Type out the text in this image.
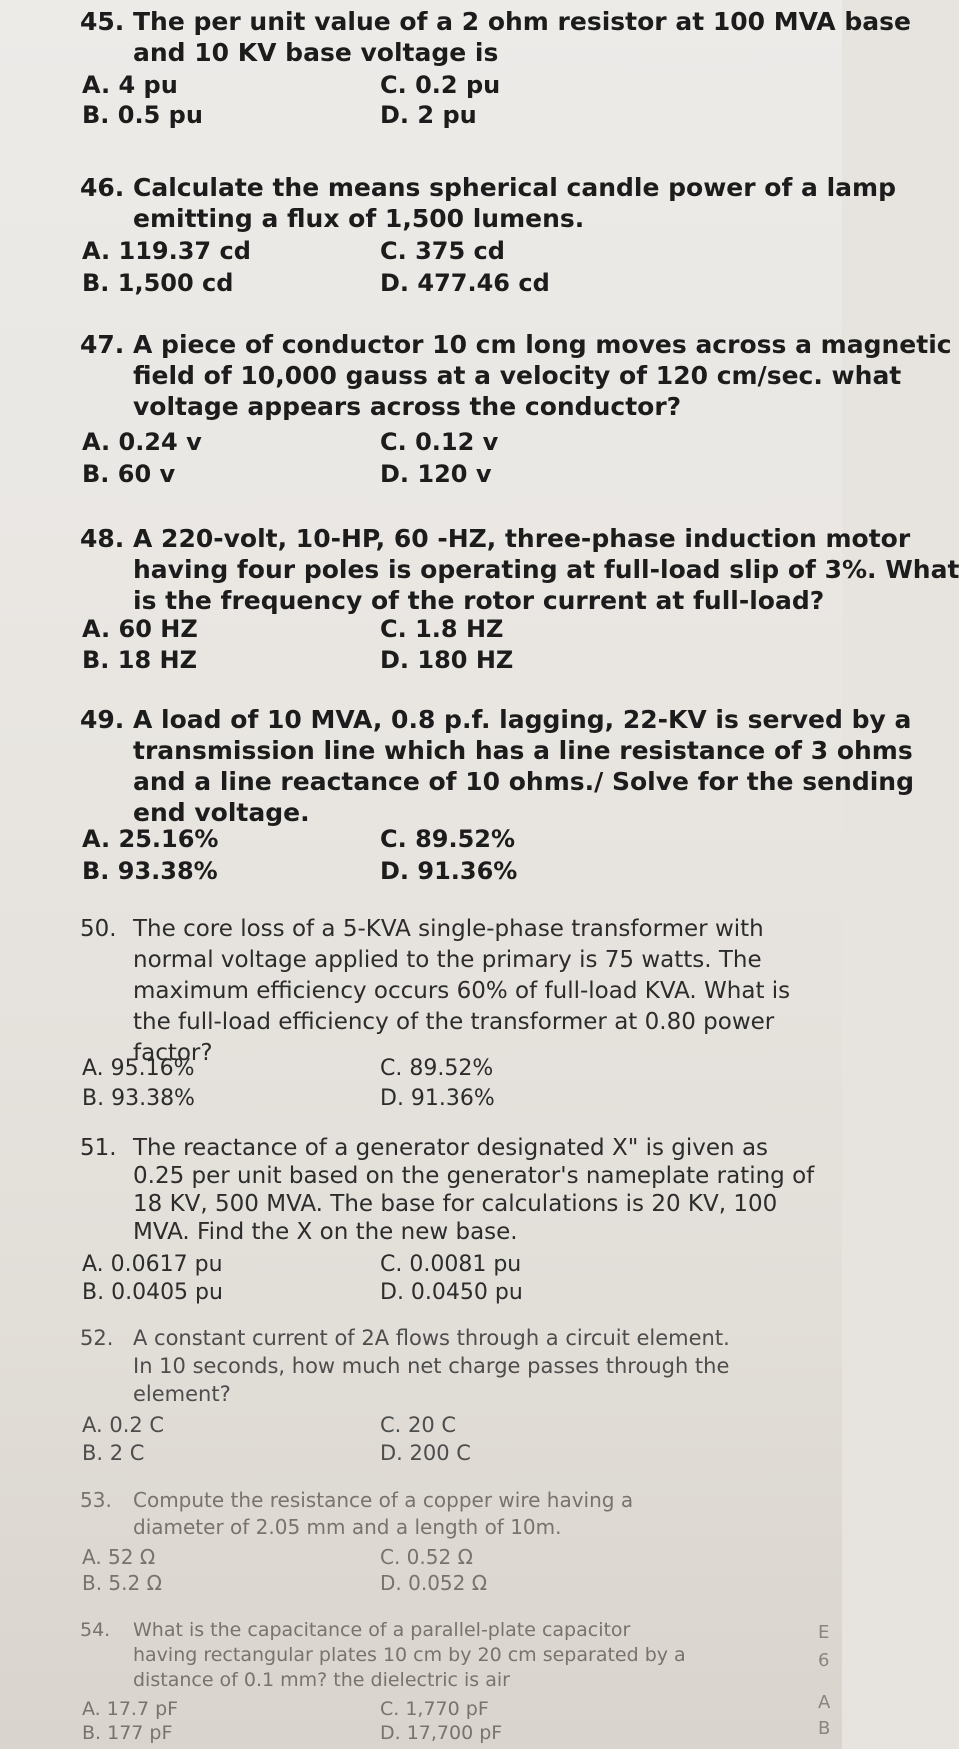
45. The per unit value of a 2 ohm resistor at 100 MVA base
and 10 KV base voltage is
A. 4 pu	C. 0.2 pu
B. 0.5 pu	D. 2 pu
46. Calculate the means spherical candle power of a lamp
emitting a flux of 1,500 lumens.
A. 119.37 cd	C. 375 cd
B. 1,500 cd	D. 477.46 cd
47. A piece of conductor 10 cm long moves across a magnetic
field of 10,000 gauss at a velocity of 120 cm/sec. what
voltage appears across the conductor?
A. 0.24 v	C. 0.12 v
B. 60 v	D. 120 v
48. A 220-volt, 10-HP, 60 -HZ, three-phase induction motor
having four poles is operating at full-load slip of 3%. What
is the frequency of the rotor current at full-load?
A. 60 HZ	C. 1.8 HZ
B. 18 HZ	D. 180 HZ
49. A load of 10 MVA, 0.8 p.f. lagging, 22-KV is served by a
transmission line which has a line resistance of 3 ohms
and a line reactance of 10 ohms./ Solve for the sending
end voltage.
A. 25.16%	C. 89.52%
B. 93.38%	D. 91.36%
50. The core loss of a 5-KVA single-phase transformer with
normal voltage applied to the primary is 75 watts. The
maximum efficiency occurs 60% of full-load KVA. What is
the full-load efficiency of the transformer at 0.80 power
factor?
A. 95.16%	C. 89.52%
B. 93.38%	D. 91.36%
51. The reactance of a generator designated X" is given as
0.25 per unit based on the generator's nameplate rating of
18 KV, 500 MVA. The base for calculations is 20 KV, 100
MVA. Find the X on the new base.
A. 0.0617 pu	C. 0.0081 pu
B. 0.0405 pu	D. 0.0450 pu
52. A constant current of 2A flows through a circuit element.
In 10 seconds, how much net charge passes through the
element?
A. 0.2 C	C. 20 C
B. 2 C	D. 200 C
53. Compute the resistance of a copper wire having a
diameter of 2.05 mm and a length of 10m.
A. 52 Ω	C. 0.52 Ω
B. 5.2 Ω	D. 0.052 Ω
54. What is the capacitance of a parallel-plate capacitor
having rectangular plates 10 cm by 20 cm separated by a
distance of 0.1 mm? the dielectric is air
A. 17.7 pF	C. 1,770 pF
B. 177 pF	D. 17,700 pF
E
6
A
B
